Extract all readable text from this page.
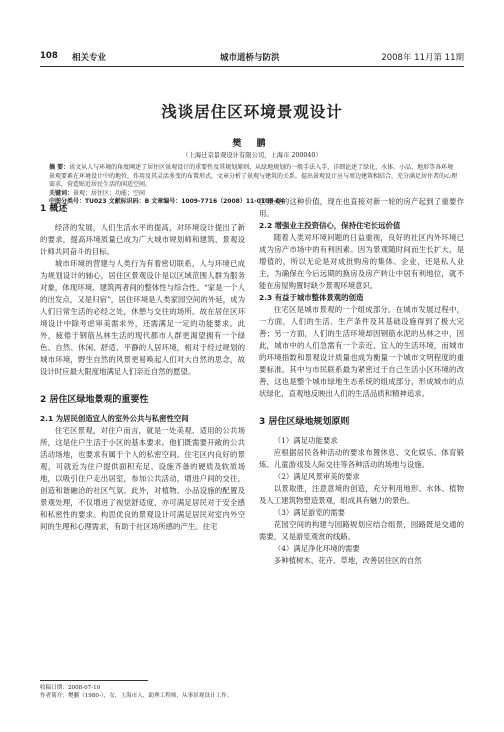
108 相关专业	城市道桥与防洪	2008年 11月第 11期
浅谈居住区环境景观设计
樊 鹏
（上海迁京景观设计有限公司，上海市 200040）

摘 要：该文从人与环境的角度阐述了居住区景观设计的重要性及其规划原则，从绿地规划的一般手法入手，详细论述了绿化、水体、小品、地形等各环境景观要素在环境设计中的地位，作用及其灵活多变的布置形式。文章分析了景观与建筑的关系，提出景观设计应与周边建筑相结合，充分满足居住者的心理需求，营造贴近居民生活的闲适空间。

关键词：景观；居住区；功能；空间

中图分类号：TU023 文献标识码：B 文章编号：1009-7716（2008）11-0108-04

1 概述

经济的发展，人们生活水平的提高，对环境设计提出了新的要求，提高环境质量已成为广大城市规划师和建筑、景观设计师共同奋斗的目标。

城市环境的营建与人类行为有着密切联系，人与环境已成为规划设计的轴心，居住区景观设计是以区域范围人群为服务对象，体现环境、建筑两者间的整体性与综合性。“家是一个人的出发点，又是归宿”，居住环境是人类家园空间的外延，成为人们日常生活的必经之处，休憩与交往的场所。故在居住区环境设计中除考虑审美需求外，还需满足一定的功能要求。此外，疲倦于钢筋丛林生活的现代都市人群更渴望拥有一个绿色、自然、休闲、舒适、平静的人居环境，相对于经过规划的城市环境，野生自然的风景更易唤起人们对大自然的思念，故设计时应最大限度地满足人们亲近自然的愿望。

2 居住区绿地景观的重要性

2.1 为居民创造宜人的室外公共与私密性空间

住宅区景观，对住户而言，就是一处美观、适用的公共场所，这是住户生活于小区的基本要求。他们既需要开敞的公共活动场地，也要求有属于个人的私密空间。住宅区内良好的景观，可就近为住户提供面积充足、设施齐备的硬质及软质场地，以吸引住户走出居室，参加公共活动，增进户间的交往，创造和谐融洽的社区气氛。此外，对植物、小品设施的配置及景观处理，不仅增进了视觉舒适度，亦可满足居民对于安全感和私密性的要求。构思优良的景观设计可满足居民对室内外空间的生理和心理需求，有助于社区场所感的产生。住宅

区景观的这种价值，现在也直接对新一轮的房产起到了重要作用。

2.2 增强业主投资信心，保持住宅长远价值

随着人类对环境问题的日益重视，良好的社区内外环境已成为房产市场中的有利因素。因为景观随时间而生长扩大，是增值的，所以无论是对成批购房的集体、企业，还是私人业主，为确保在今后远期的换房及房产转让中居有利地位，就不能在房屋购置时缺少景观环境意识。

2.3 有益于城市整体景观的创造

住宅区是城市景观的一个组成部分。在城市发展过程中，一方面，人们的生活、生产条件及其基础设施得到了极大完善；另一方面，人们的生活环境却因钢筋水泥的丛林之中，因此，城市中的人们急需有一个亲近、宜人的生活环境，而城市的环境指数和景观设计质量也成为衡量一个城市文明程度的重要标准。其中与市民联系最为紧密过于自己生活小区环境的改善，这也是整个城市绿地生态系统的组成部分，形成城市的点状绿化，直观地反映出人们的生活品质和精神追求。

3 居住区绿地规划原则

（1）满足功能要求

应根据居民各种活动的要求布置休息、文化娱乐、体育锻炼、儿童游戏及人际交往等各种活动的场地与设施。

（2）满足风景审美的要求

以景取胜，注意意境的创造，充分利用地形、水体、植物及人工建筑物塑造景观，组成具有魅力的景色。

（3）满足游览的需要

花园空间的构建与园路规划应结合组景，园路既是交通的需要，又是游览观赏的线路。

（4）满足净化环境的需要

多种植树木、花卉、草地，改善居住区的自然

收稿日期：2008-07-10

作者简介：樊鹏（1980-），女，上海市人，助理工程师，从事景观设计工作。
